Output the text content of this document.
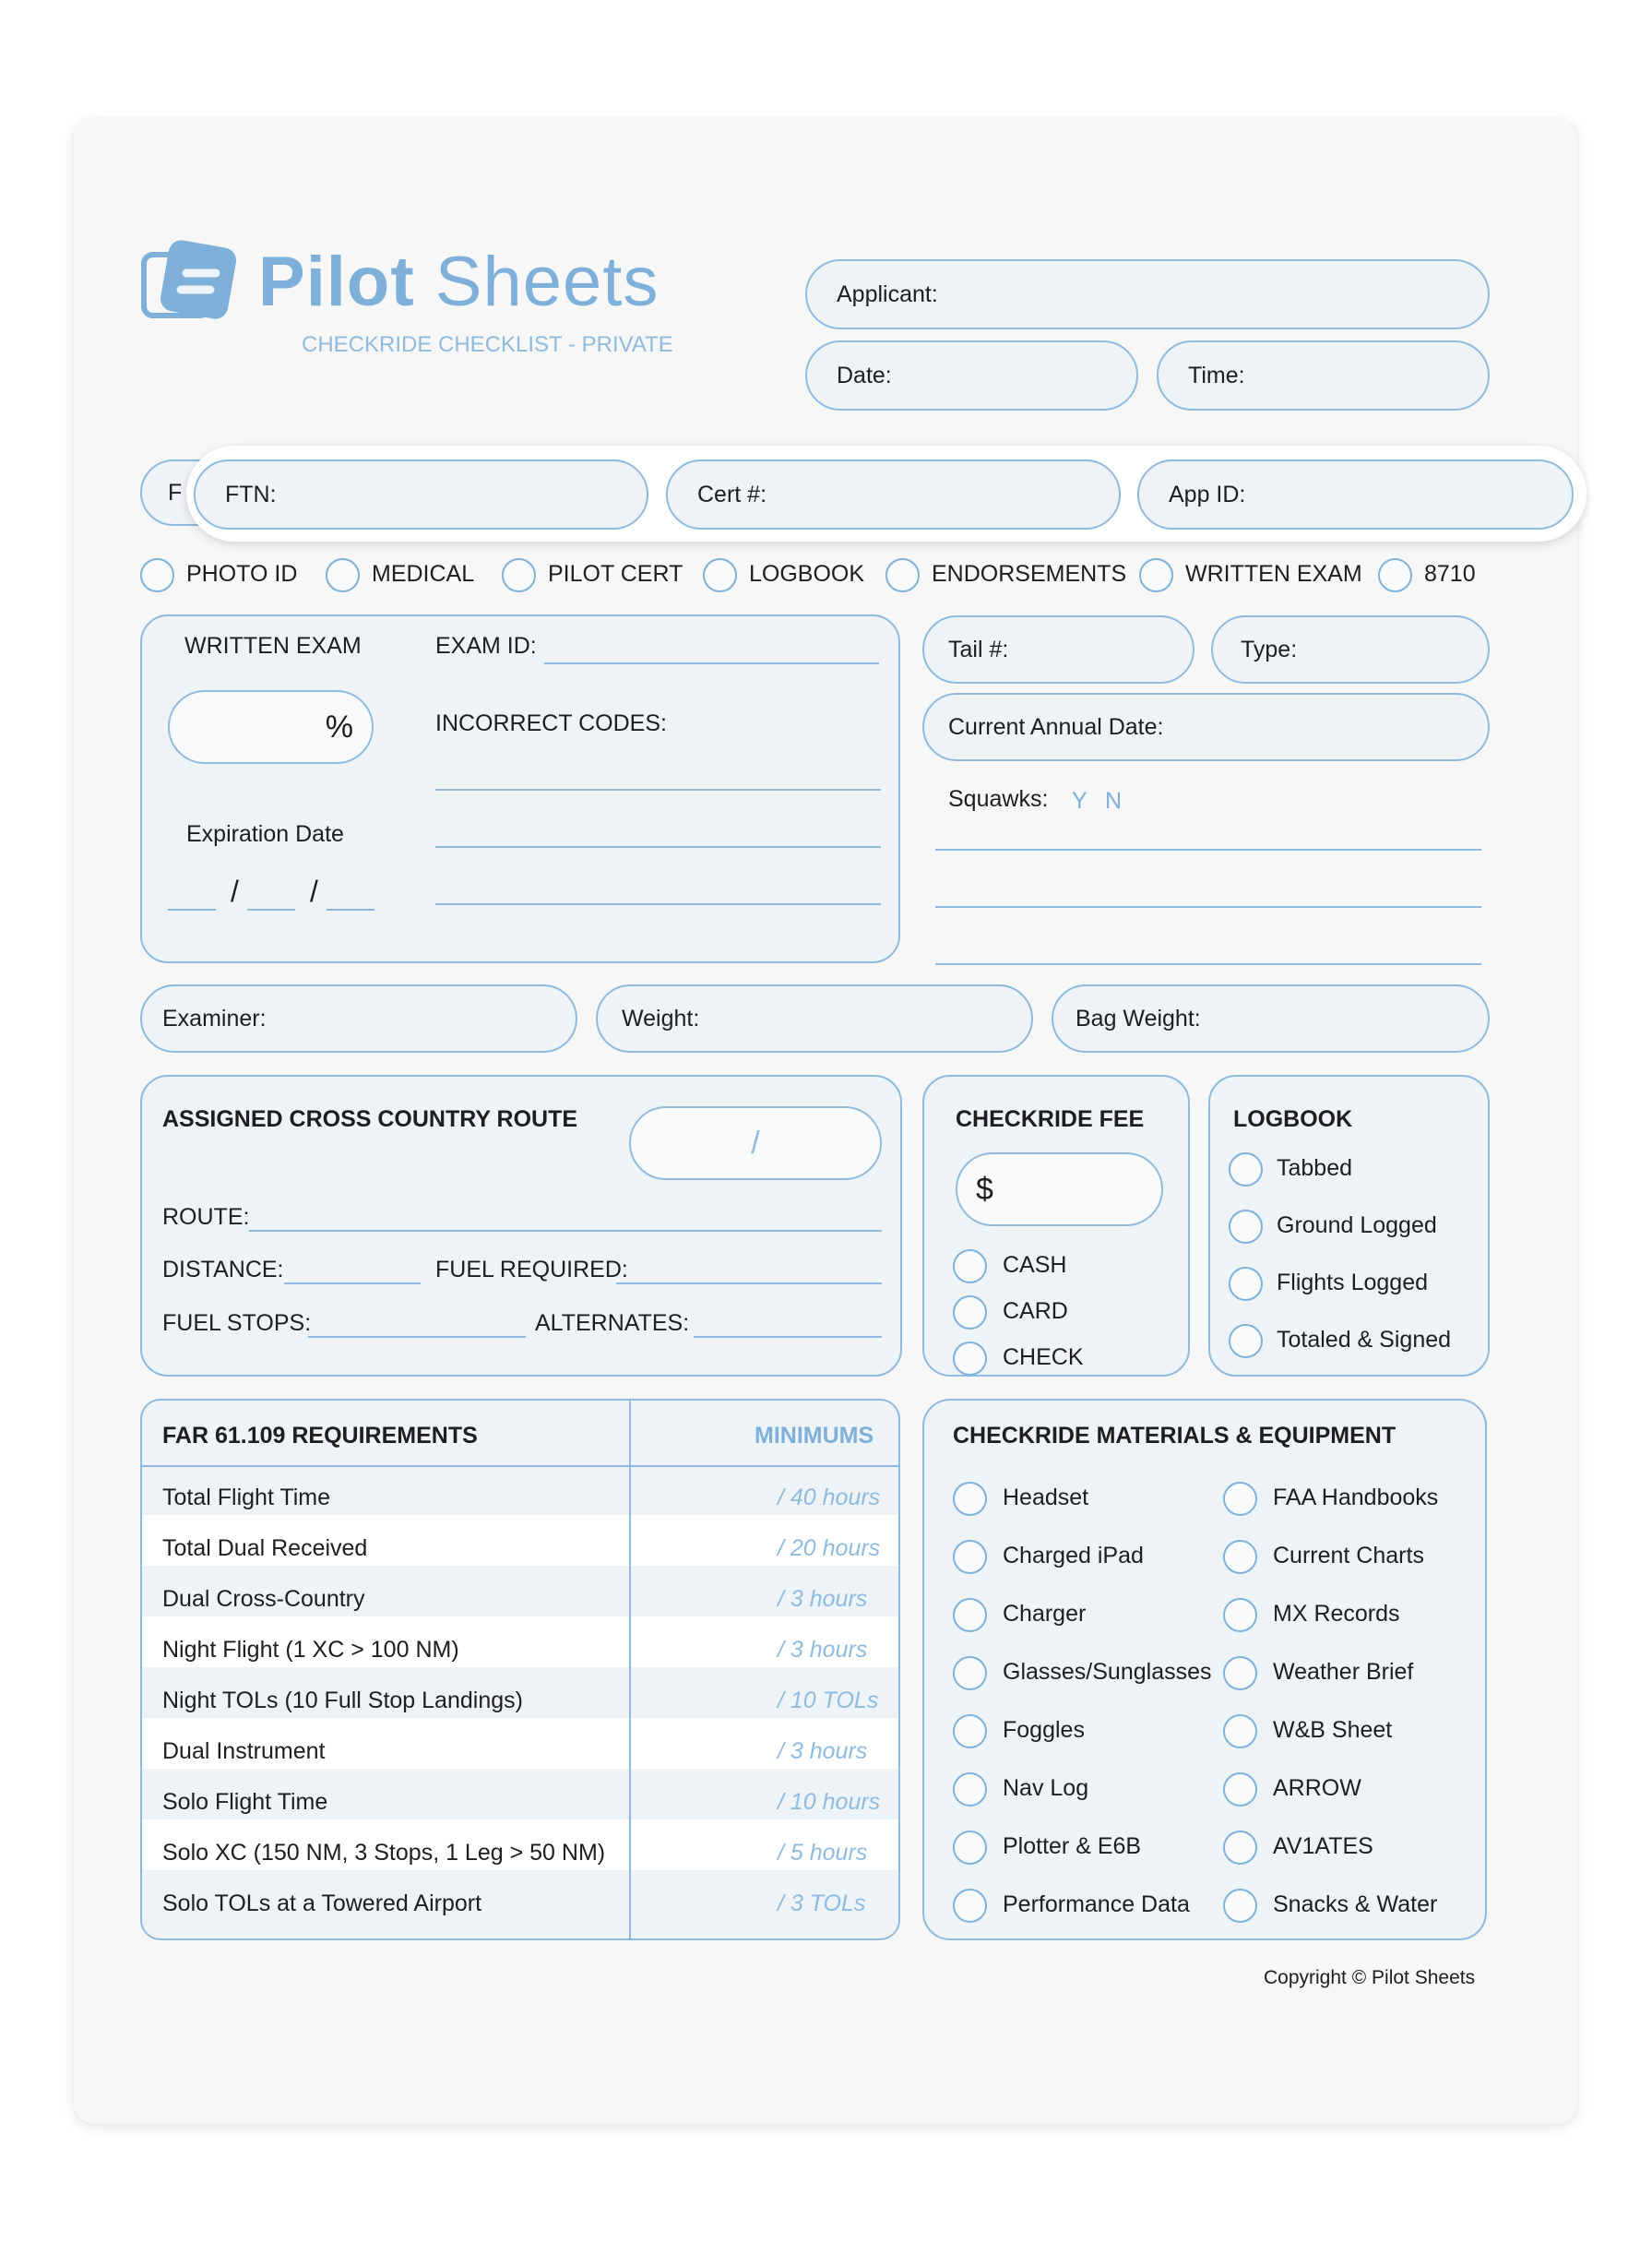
Pilot Sheets
CHECKRIDE CHECKLIST - PRIVATE
Applicant:
Date:	Time:
F FTN:	Cert #:	App ID:
PHOTO ID	MEDICAL	PILOT CERT	LOGBOOK	ENDORSEMENTS	WRITTEN EXAM	8710
WRITTEN EXAM
%
EXAM ID:
INCORRECT CODES:
Expiration Date
/ /
Tail #:	Type:
Current Annual Date:
Squawks: Y N
Examiner:	Weight:	Bag Weight:
ASSIGNED CROSS COUNTRY ROUTE
/
ROUTE:
DISTANCE:	FUEL REQUIRED:
FUEL STOPS:	ALTERNATES:
CHECKRIDE FEE
$
CASH
CARD
CHECK
LOGBOOK
Tabbed
Ground Logged
Flights Logged
Totaled & Signed
FAR 61.109 REQUIREMENTS	MINIMUMS
Total Flight Time	/ 40 hours
Total Dual Received	/ 20 hours
Dual Cross-Country	/ 3 hours
Night Flight (1 XC > 100 NM)	/ 3 hours
Night TOLs (10 Full Stop Landings)	/ 10 TOLs
Dual Instrument	/ 3 hours
Solo Flight Time	/ 10 hours
Solo XC (150 NM, 3 Stops, 1 Leg > 50 NM)	/ 5 hours
Solo TOLs at a Towered Airport	/ 3 TOLs
CHECKRIDE MATERIALS & EQUIPMENT
Headset
Charged iPad
Charger
Glasses/Sunglasses
Foggles
Nav Log
Plotter & E6B
Performance Data
FAA Handbooks
Current Charts
MX Records
Weather Brief
W&B Sheet
ARROW
AV1ATES
Snacks & Water
Copyright © Pilot Sheets
